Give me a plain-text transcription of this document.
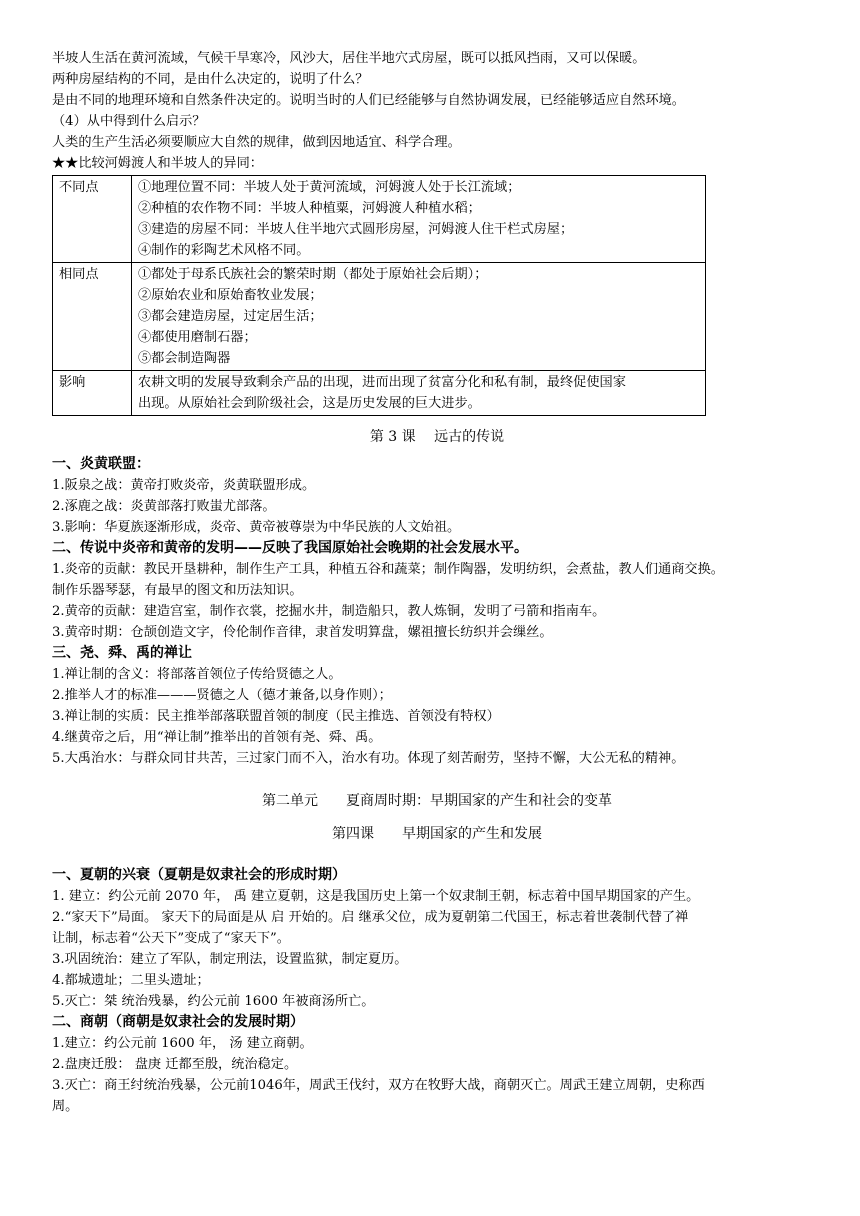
半坡人生活在黄河流域，气候干旱寒冷，风沙大，居住半地穴式房屋，既可以抵风挡雨，又可以保暖。

两种房屋结构的不同，是由什么决定的，说明了什么？

是由不同的地理环境和自然条件决定的。说明当时的人们已经能够与自然协调发展，已经能够适应自然环境。

（4）从中得到什么启示？

人类的生产生活必须要顺应大自然的规律，做到因地适宜、科学合理。

★★比较河姆渡人和半坡人的异同：

不同点	①地理位置不同：半坡人处于黄河流域，河姆渡人处于长江流域；
②种植的农作物不同：半坡人种植粟，河姆渡人种植水稻；
③建造的房屋不同：半坡人住半地穴式圆形房屋，河姆渡人住干栏式房屋；
④制作的彩陶艺术风格不同。

相同点	①都处于母系氏族社会的繁荣时期（都处于原始社会后期）；
②原始农业和原始畜牧业发展；
③都会建造房屋，过定居生活；
④都使用磨制石器；
⑤都会制造陶器

影响	农耕文明的发展导致剩余产品的出现，进而出现了贫富分化和私有制，最终促使国家
出现。从原始社会到阶级社会，这是历史发展的巨大进步。

第 3 课　 远古的传说

一、炎黄联盟：

1.阪泉之战：黄帝打败炎帝，炎黄联盟形成。

2.涿鹿之战：炎黄部落打败蚩尤部落。

3.影响：华夏族逐渐形成，炎帝、黄帝被尊崇为中华民族的人文始祖。

二、传说中炎帝和黄帝的发明——反映了我国原始社会晚期的社会发展水平。

1.炎帝的贡献：教民开垦耕种，制作生产工具，种植五谷和蔬菜；制作陶器，发明纺织，会煮盐，教人们通商交换。

制作乐器琴瑟，有最早的图文和历法知识。

2.黄帝的贡献：建造宫室，制作衣裳，挖掘水井，制造船只，教人炼铜，发明了弓箭和指南车。

3.黄帝时期：仓颉创造文字，伶伦制作音律，隶首发明算盘，嫘祖擅长纺织并会缫丝。

三、尧、舜、禹的禅让

1.禅让制的含义：将部落首领位子传给贤德之人。

2.推举人才的标准———贤德之人（德才兼备,以身作则）；

3.禅让制的实质：民主推举部落联盟首领的制度（民主推选、首领没有特权）

4.继黄帝之后，用“禅让制”推举出的首领有尧、舜、禹。

5.大禹治水：与群众同甘共苦，三过家门而不入，治水有功。体现了刻苦耐劳，坚持不懈，大公无私的精神。

第二单元　　夏商周时期：早期国家的产生和社会的变革

第四课　　早期国家的产生和发展

一、夏朝的兴衰（夏朝是奴隶社会的形成时期）

1. 建立：约公元前 2070 年， 禹 建立夏朝，这是我国历史上第一个奴隶制王朝，标志着中国早期国家的产生。

2.“家天下”局面。 家天下的局面是从 启 开始的。启 继承父位，成为夏朝第二代国王，标志着世袭制代替了禅

让制，标志着“公天下”变成了“家天下”。

3.巩固统治：建立了军队，制定刑法，设置监狱，制定夏历。

4.都城遗址；二里头遗址；

5.灭亡：桀 统治残暴，约公元前 1600 年被商汤所亡。

二、商朝（商朝是奴隶社会的发展时期）

1.建立：约公元前 1600 年， 汤 建立商朝。

2.盘庚迁殷： 盘庚 迁都至殷，统治稳定。

3.灭亡：商王纣统治残暴，公元前1046年，周武王伐纣，双方在牧野大战，商朝灭亡。周武王建立周朝，史称西

周。
